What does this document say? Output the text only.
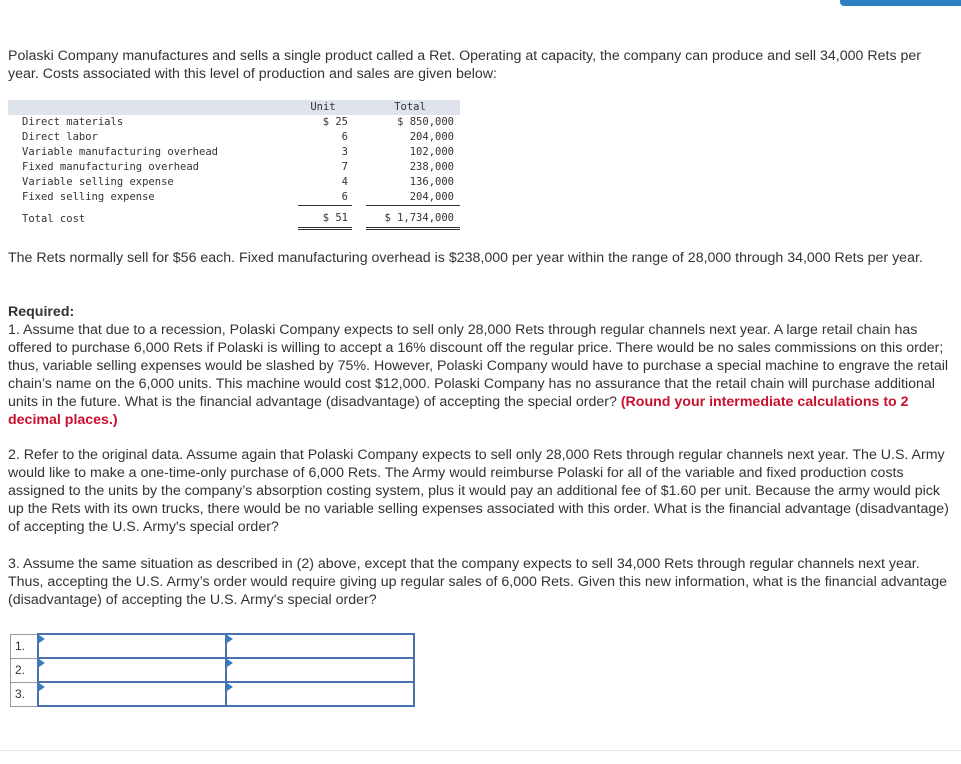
Polaski Company manufactures and sells a single product called a Ret. Operating at capacity, the company can produce and sell 34,000 Rets per year. Costs associated with this level of production and sales are given below:
	Unit		Total
Direct materials	$ 25		$ 850,000
Direct labor	6		204,000
Variable manufacturing overhead	3		102,000
Fixed manufacturing overhead	7		238,000
Variable selling expense	4		136,000
Fixed selling expense	6		204,000
Total cost	$ 51		$ 1,734,000
The Rets normally sell for $56 each. Fixed manufacturing overhead is $238,000 per year within the range of 28,000 through 34,000 Rets per year.
Required:
1. Assume that due to a recession, Polaski Company expects to sell only 28,000 Rets through regular channels next year. A large retail chain has offered to purchase 6,000 Rets if Polaski is willing to accept a 16% discount off the regular price. There would be no sales commissions on this order; thus, variable selling expenses would be slashed by 75%. However, Polaski Company would have to purchase a special machine to engrave the retail chain’s name on the 6,000 units. This machine would cost $12,000. Polaski Company has no assurance that the retail chain will purchase additional units in the future. What is the financial advantage (disadvantage) of accepting the special order? (Round your intermediate calculations to 2 decimal places.)
2. Refer to the original data. Assume again that Polaski Company expects to sell only 28,000 Rets through regular channels next year. The U.S. Army would like to make a one-time-only purchase of 6,000 Rets. The Army would reimburse Polaski for all of the variable and fixed production costs assigned to the units by the company’s absorption costing system, plus it would pay an additional fee of $1.60 per unit. Because the army would pick up the Rets with its own trucks, there would be no variable selling expenses associated with this order. What is the financial advantage (disadvantage) of accepting the U.S. Army's special order?
3. Assume the same situation as described in (2) above, except that the company expects to sell 34,000 Rets through regular channels next year. Thus, accepting the U.S. Army’s order would require giving up regular sales of 6,000 Rets. Given this new information, what is the financial advantage (disadvantage) of accepting the U.S. Army's special order?
1.	

2.	

3.	
